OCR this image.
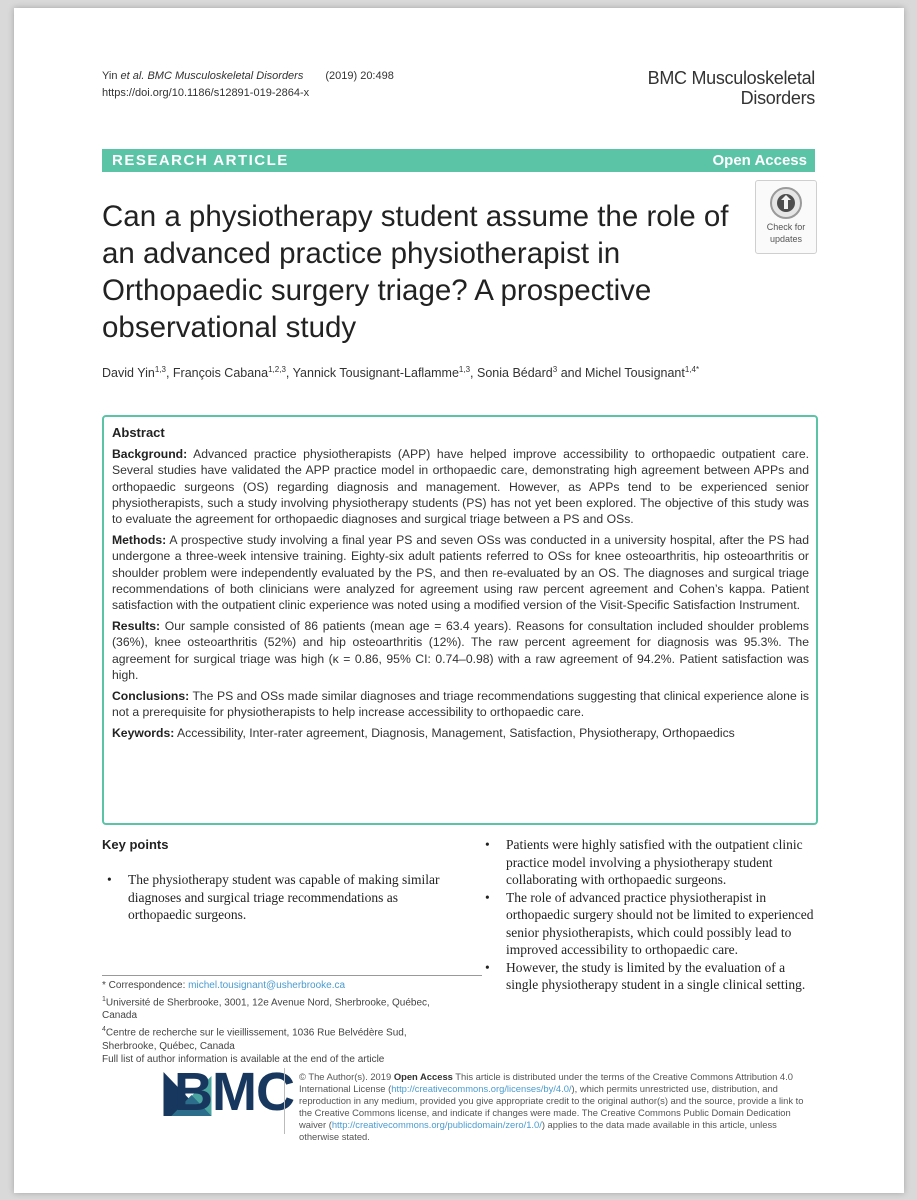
Yin et al. BMC Musculoskeletal Disorders (2019) 20:498
https://doi.org/10.1186/s12891-019-2864-x
BMC Musculoskeletal
Disorders
RESEARCH ARTICLE	Open Access
Can a physiotherapy student assume the role of an advanced practice physiotherapist in Orthopaedic surgery triage? A prospective observational study
Check for
updates
David Yin$^{1,3}$, François Cabana$^{1,2,3}$, Yannick Tousignant-Laflamme$^{1,3}$, Sonia Bédard$^3$ and Michel Tousignant$^{1,4*}$
Abstract

Background: Advanced practice physiotherapists (APP) have helped improve accessibility to orthopaedic outpatient care. Several studies have validated the APP practice model in orthopaedic care, demonstrating high agreement between APPs and orthopaedic surgeons (OS) regarding diagnosis and management. However, as APPs tend to be experienced senior physiotherapists, such a study involving physiotherapy students (PS) has not yet been explored. The objective of this study was to evaluate the agreement for orthopaedic diagnoses and surgical triage between a PS and OSs.

Methods: A prospective study involving a final year PS and seven OSs was conducted in a university hospital, after the PS had undergone a three-week intensive training. Eighty-six adult patients referred to OSs for knee osteoarthritis, hip osteoarthritis or shoulder problem were independently evaluated by the PS, and then re-evaluated by an OS. The diagnoses and surgical triage recommendations of both clinicians were analyzed for agreement using raw percent agreement and Cohen’s kappa. Patient satisfaction with the outpatient clinic experience was noted using a modified version of the Visit-Specific Satisfaction Instrument.

Results: Our sample consisted of 86 patients (mean age = 63.4 years). Reasons for consultation included shoulder problems (36%), knee osteoarthritis (52%) and hip osteoarthritis (12%). The raw percent agreement for diagnosis was 95.3%. The agreement for surgical triage was high (κ = 0.86, 95% CI: 0.74–0.98) with a raw agreement of 94.2%. Patient satisfaction was high.

Conclusions: The PS and OSs made similar diagnoses and triage recommendations suggesting that clinical experience alone is not a prerequisite for physiotherapists to help increase accessibility to orthopaedic care.

Keywords: Accessibility, Inter-rater agreement, Diagnosis, Management, Satisfaction, Physiotherapy, Orthopaedics

Key points
• The physiotherapy student was capable of making similar diagnoses and surgical triage recommendations as orthopaedic surgeons.
• Patients were highly satisfied with the outpatient clinic practice model involving a physiotherapy student collaborating with orthopaedic surgeons.
• The role of advanced practice physiotherapist in orthopaedic surgery should not be limited to experienced senior physiotherapists, which could possibly lead to improved accessibility to orthopaedic care.
• However, the study is limited by the evaluation of a single physiotherapy student in a single clinical setting.
* Correspondence: michel.tousignant@usherbrooke.ca
$^1$Université de Sherbrooke, 3001, 12e Avenue Nord, Sherbrooke, Québec, Canada
$^4$Centre de recherche sur le vieillissement, 1036 Rue Belvédère Sud, Sherbrooke, Québec, Canada
Full list of author information is available at the end of the article
BMC © The Author(s). 2019 Open Access This article is distributed under the terms of the Creative Commons Attribution 4.0 International License (http://creativecommons.org/licenses/by/4.0/), which permits unrestricted use, distribution, and reproduction in any medium, provided you give appropriate credit to the original author(s) and the source, provide a link to the Creative Commons license, and indicate if changes were made. The Creative Commons Public Domain Dedication waiver (http://creativecommons.org/publicdomain/zero/1.0/) applies to the data made available in this article, unless otherwise stated.
